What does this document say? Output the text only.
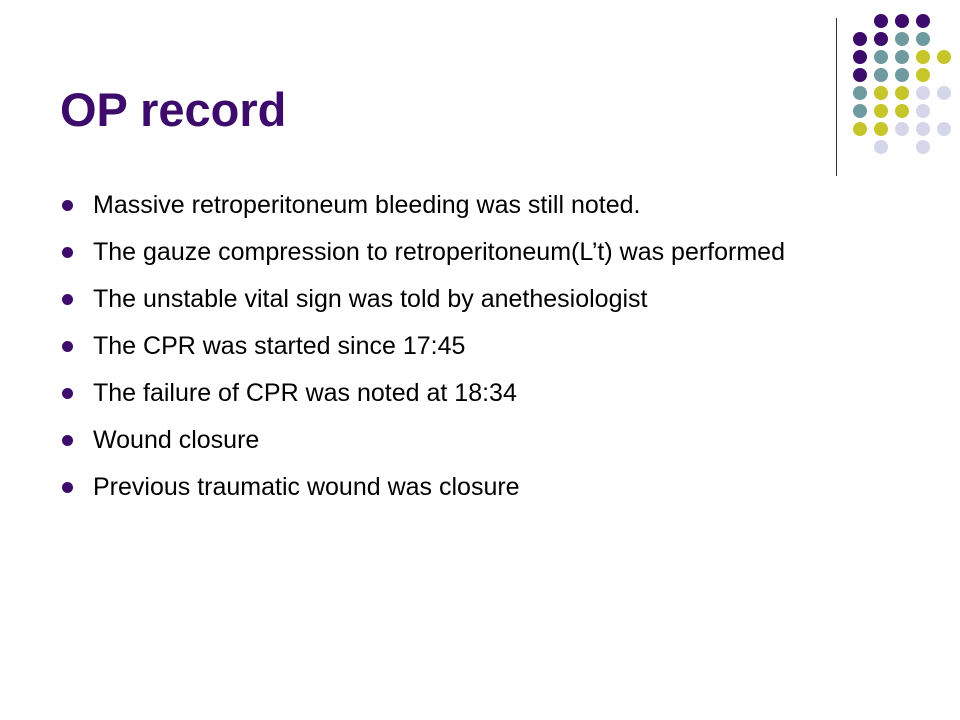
OP record
Massive retroperitoneum bleeding was still noted.
The gauze compression to retroperitoneum(L’t) was performed
The unstable vital sign was told by anethesiologist
The CPR was started since 17:45
The failure of CPR was noted at 18:34
Wound closure
Previous traumatic wound was closure
